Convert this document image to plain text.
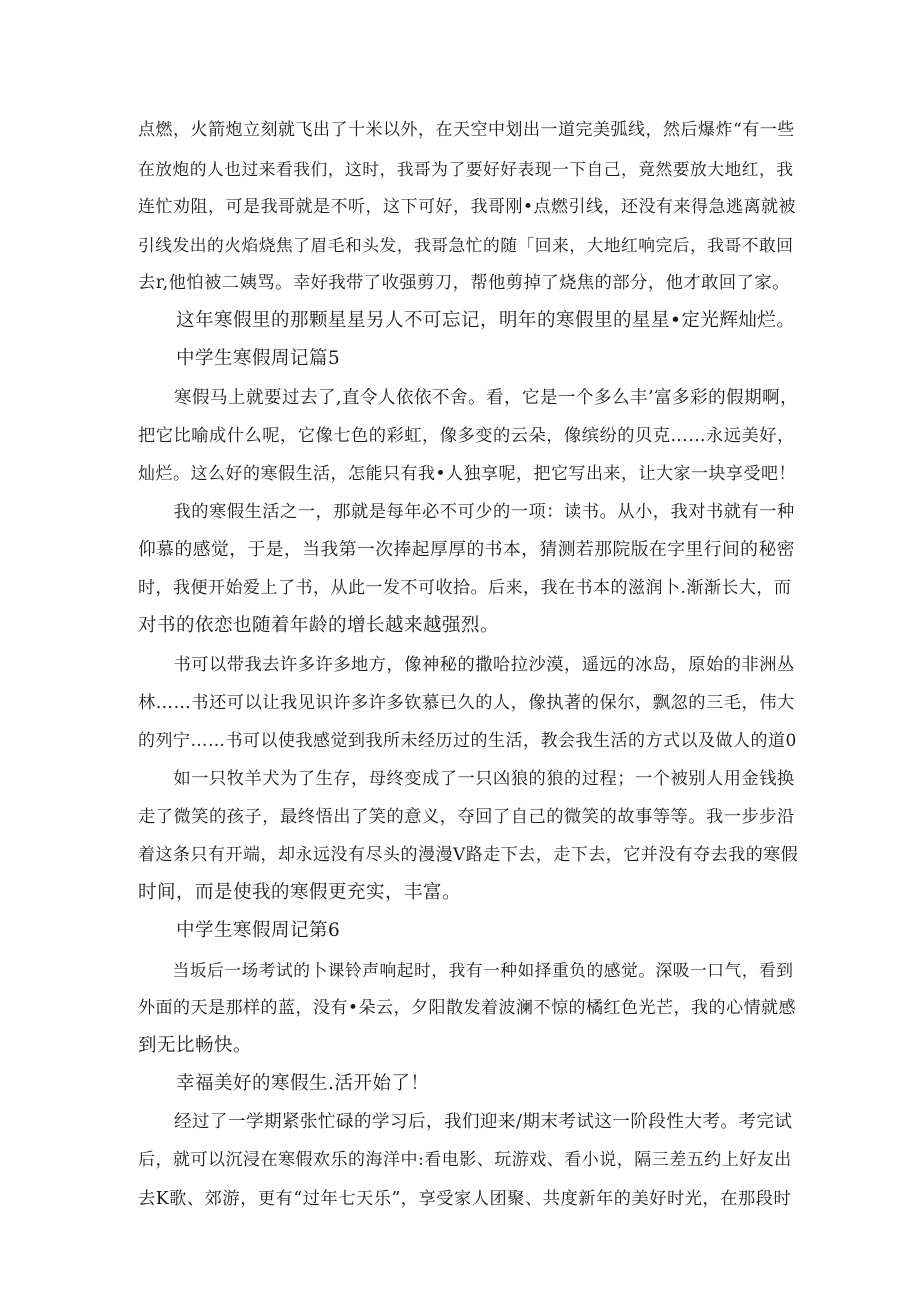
点燃，火箭炮立刻就飞出了十米以外，在天空中划出一道完美弧线，然后爆炸“有一些
在放炮的人也过来看我们，这时，我哥为了要好好表现一下自己，竟然要放大地红，我
连忙劝阻，可是我哥就是不听，这下可好，我哥刚•点燃引线，还没有来得急逃离就被
引线发出的火焰烧焦了眉毛和头发，我哥急忙的随「回来，大地红响完后，我哥不敢回
去r,他怕被二姨骂。幸好我带了收强剪刀，帮他剪掉了烧焦的部分，他才敢回了家。
　　这年寒假里的那颗星星另人不可忘记，明年的寒假里的星星•定光辉灿烂。
　　中学生寒假周记篇5
　　寒假马上就要过去了,直令人依依不舍。看，它是一个多么丰’富多彩的假期啊，
把它比喻成什么呢，它像七色的彩虹，像多变的云朵，像缤纷的贝克……永远美好，
灿烂。这么好的寒假生活，怎能只有我•人独享呢，把它写出来，让大家一块享受吧！
　　我的寒假生活之一，那就是每年必不可少的一项：读书。从小，我对书就有一种
仰慕的感觉，于是，当我第一次捧起厚厚的书本，猜测若那院版在字里行间的秘密
时，我便开始爱上了书，从此一发不可收拾。后来，我在书本的滋润卜.渐渐长大，而
对书的依恋也随着年龄的增长越来越强烈。
　　书可以带我去许多许多地方，像神秘的撒哈拉沙漠，遥远的冰岛，原始的非洲丛
林……书还可以让我见识许多许多钦慕已久的人，像执著的保尔，飘忽的三毛，伟大
的列宁……书可以使我感觉到我所未经历过的生活，教会我生活的方式以及做人的道0
　　如一只牧羊犬为了生存，母终变成了一只凶狼的狼的过程；一个被别人用金钱换
走了微笑的孩子，最终悟出了笑的意义，夺回了自己的微笑的故事等等。我一步步沿
着这条只有开端，却永远没有尽头的漫漫V路走下去，走下去，它并没有夺去我的寒假
时间，而是使我的寒假更充实，丰富。
　　中学生寒假周记第6
　　当坂后一场考试的卜课铃声响起时，我有一种如择重负的感觉。深吸一口气，看到
外面的天是那样的蓝，没有•朵云，夕阳散发着波澜不惊的橘红色光芒，我的心情就感
到无比畅快。
　　幸福美好的寒假生.活开始了！
　　经过了一学期紧张忙碌的学习后，我们迎来/期末考试这一阶段性大考。考完试
后，就可以沉浸在寒假欢乐的海洋中:看电影、玩游戏、看小说，隔三差五约上好友出
去K歌、郊游，更有“过年七天乐”，享受家人团聚、共度新年的美好时光，在那段时
